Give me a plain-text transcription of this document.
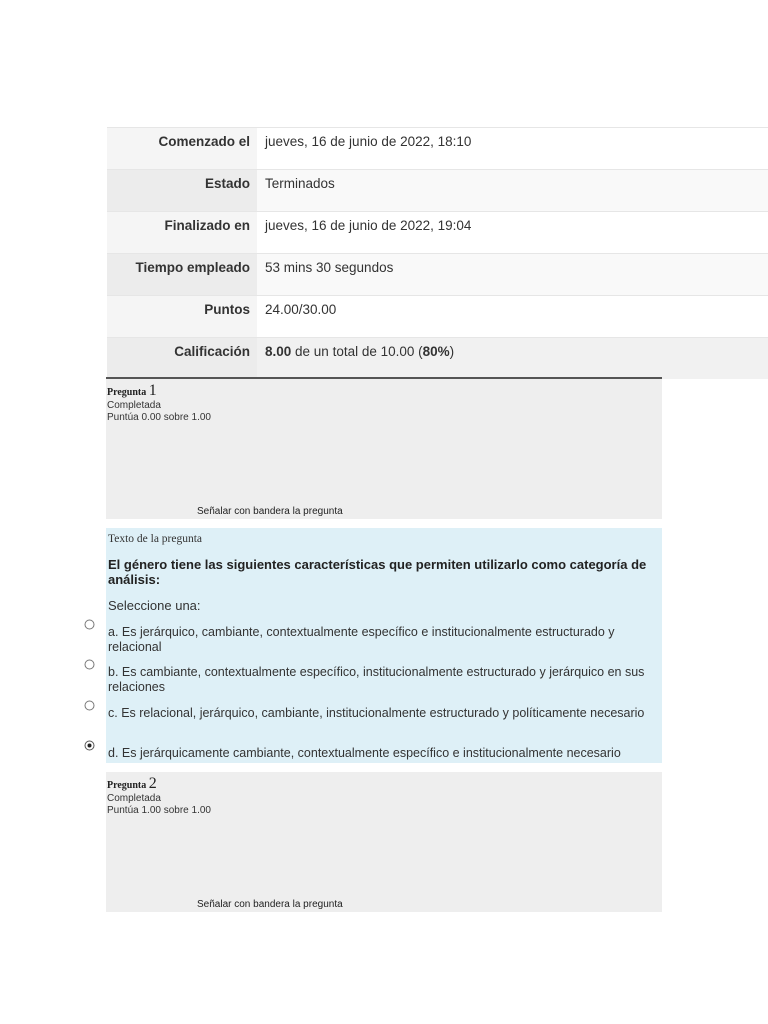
Comenzado el	jueves, 16 de junio de 2022, 18:10
Estado	Terminados
Finalizado en	jueves, 16 de junio de 2022, 19:04
Tiempo empleado	53 mins 30 segundos
Puntos	24.00/30.00
Calificación	8.00 de un total de 10.00 (80%)
Pregunta 1
Completada
Puntúa 0.00 sobre 1.00
Señalar con bandera la pregunta
Texto de la pregunta
El género tiene las siguientes características que permiten utilizarlo como categoría de análisis:
Seleccione una:
a. Es jerárquico, cambiante, contextualmente específico e institucionalmente estructurado y relacional
b. Es cambiante, contextualmente específico, institucionalmente estructurado y jerárquico en sus relaciones
c. Es relacional, jerárquico, cambiante, institucionalmente estructurado y políticamente necesario
d. Es jerárquicamente cambiante, contextualmente específico e institucionalmente necesario
Pregunta 2
Completada
Puntúa 1.00 sobre 1.00
Señalar con bandera la pregunta
